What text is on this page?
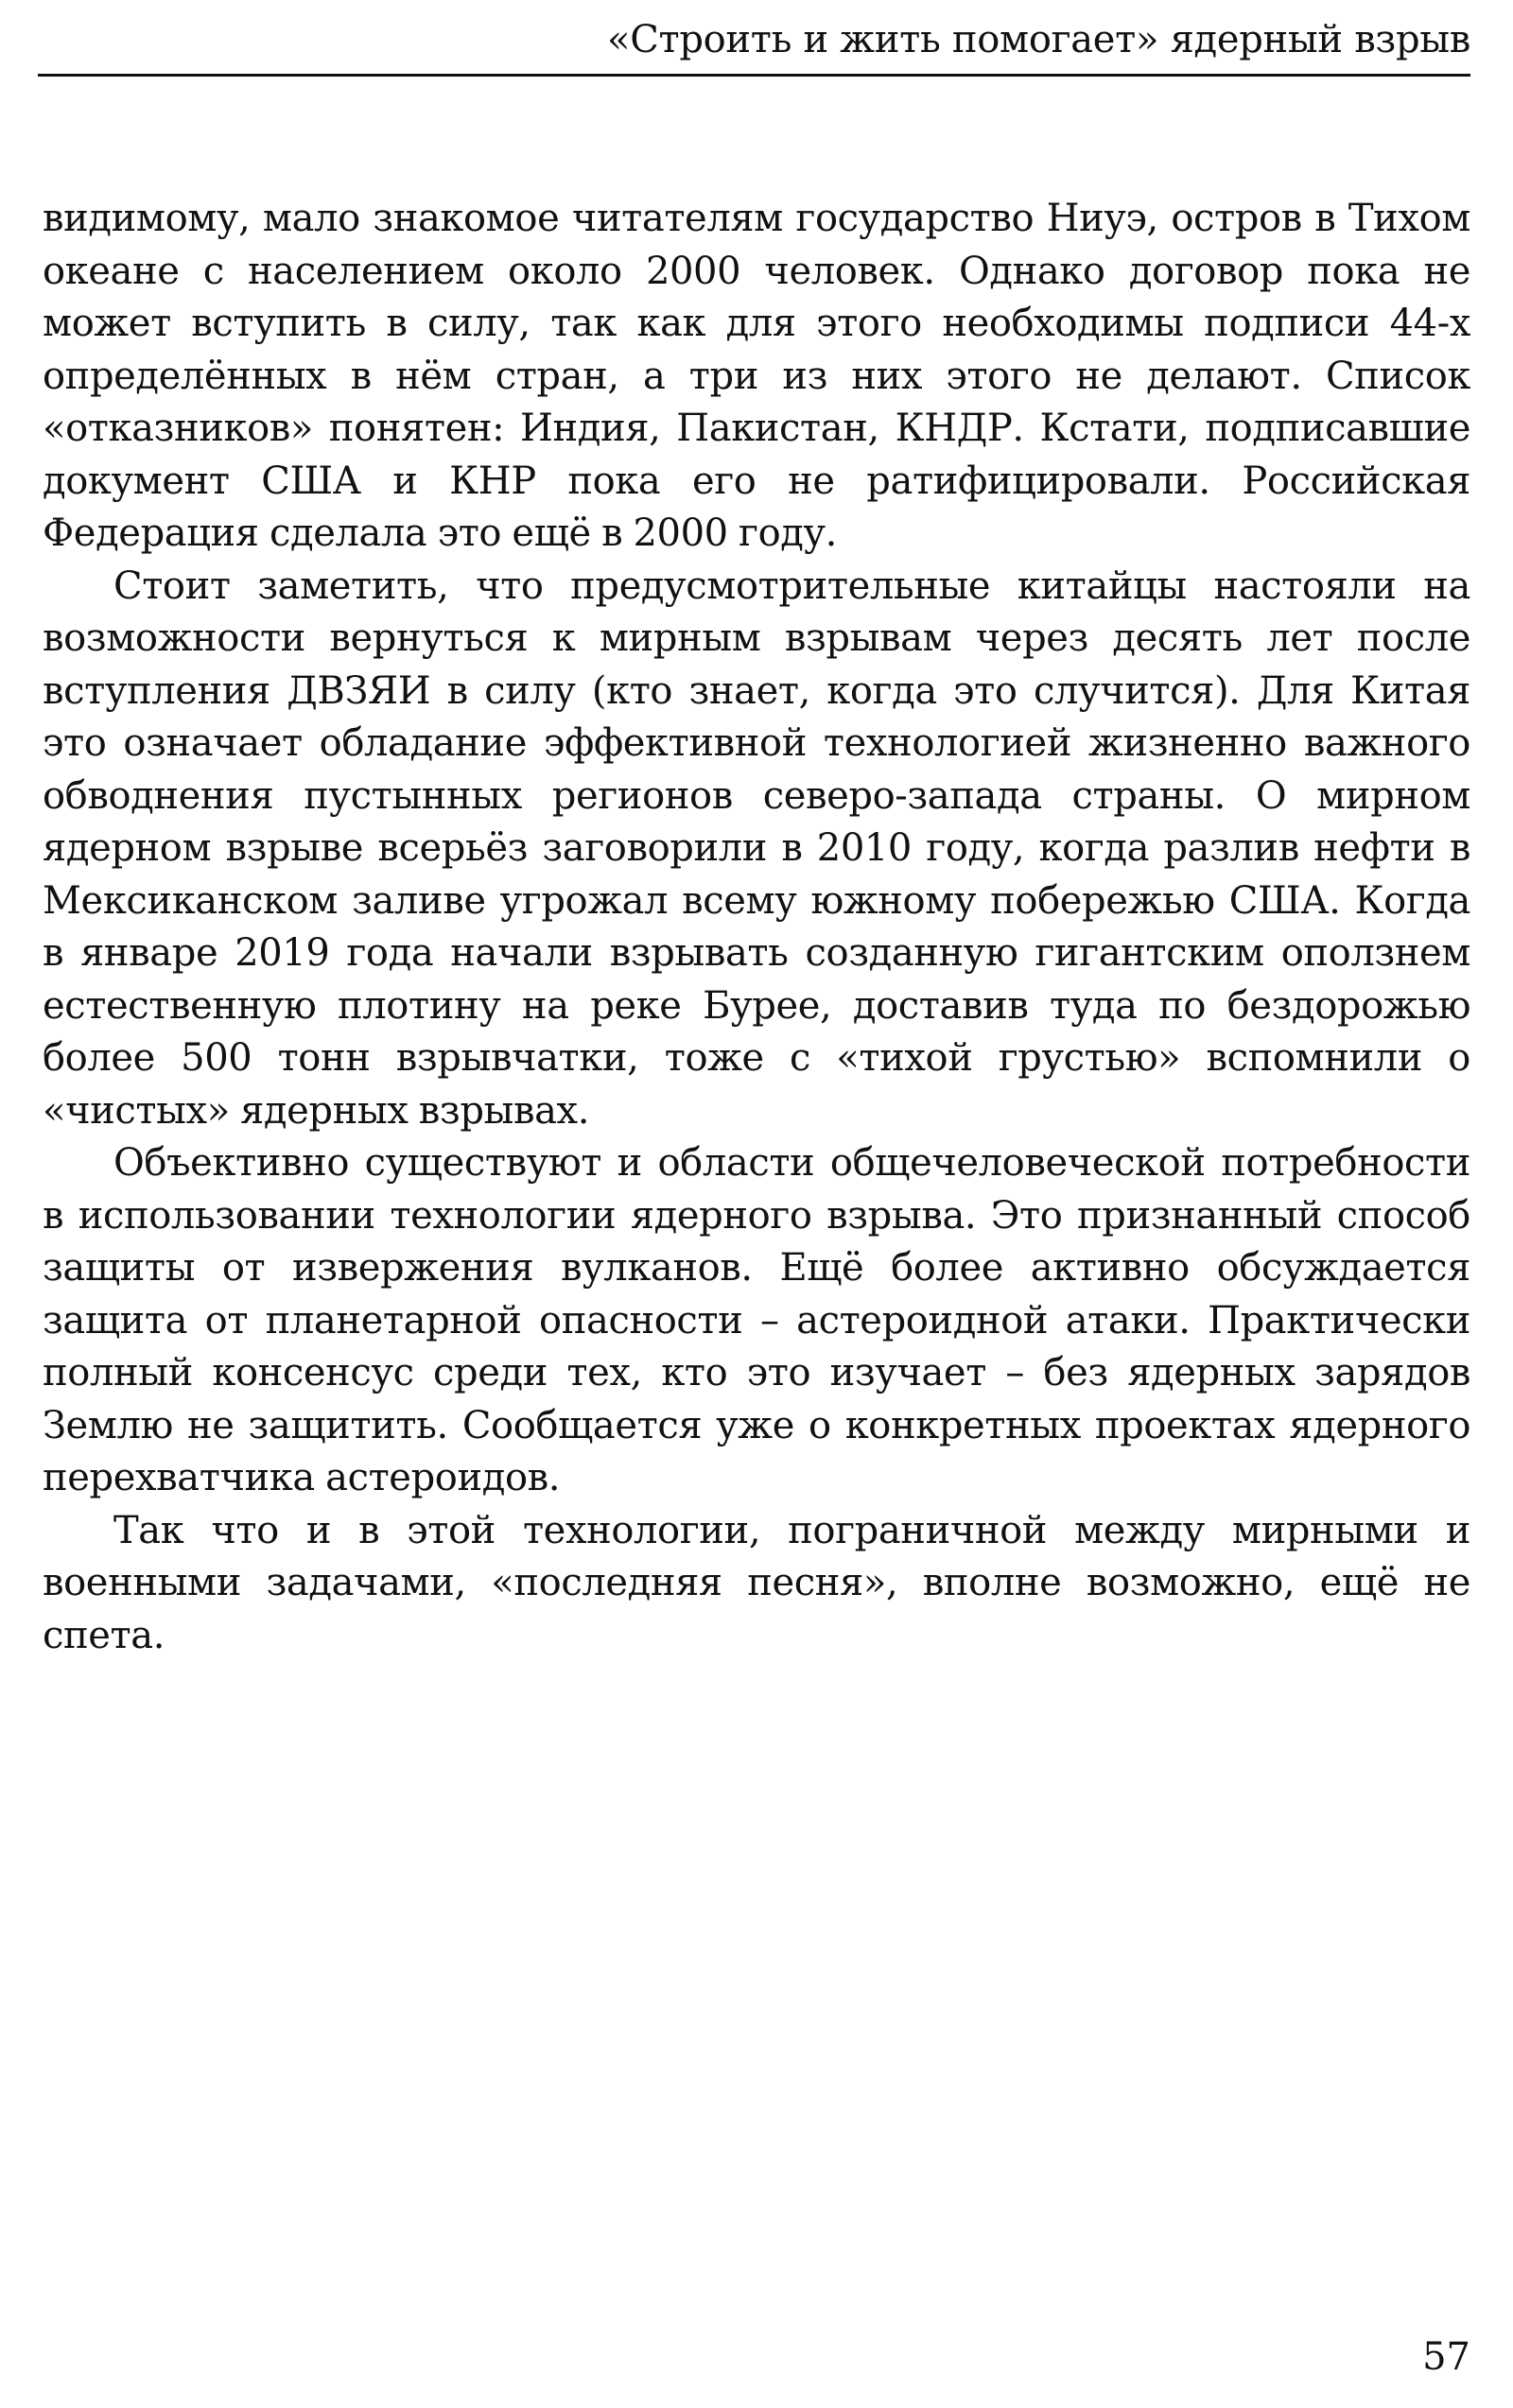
«Строить и жить помогает» ядерный взрыв

видимому, мало знакомое читателям государство Ниуэ, остров в Тихом океане с населением около 2000 человек. Однако договор пока не может вступить в силу, так как для этого необходимы подписи 44-х определённых в нём стран, а три из них этого не делают. Список «отказников» понятен: Индия, Пакистан, КНДР. Кстати, подписавшие документ США и КНР пока его не ратифицировали. Российская Федерация сделала это ещё в 2000 году.

Стоит заметить, что предусмотрительные китайцы настояли на возможности вернуться к мирным взрывам через десять лет после вступления ДВЗЯИ в силу (кто знает, когда это случится). Для Китая это означает обладание эффективной технологией жизненно важного обводнения пустынных регионов северо-запада страны. О мирном ядерном взрыве всерьёз заговорили в 2010 году, когда разлив нефти в Мексиканском заливе угрожал всему южному побережью США. Когда в январе 2019 года начали взрывать созданную гигантским оползнем естественную плотину на реке Бурее, доставив туда по бездорожью более 500 тонн взрывчатки, тоже с «тихой грустью» вспомнили о «чистых» ядерных взрывах.

Объективно существуют и области общечеловеческой потребности в использовании технологии ядерного взрыва. Это признанный способ защиты от извержения вулканов. Ещё более активно обсуждается защита от планетарной опасности – астероидной атаки. Практически полный консенсус среди тех, кто это изучает – без ядерных зарядов Землю не защитить. Сообщается уже о конкретных проектах ядерного перехватчика астероидов.

Так что и в этой технологии, пограничной между мирными и военными задачами, «последняя песня», вполне возможно, ещё не спета.

57
